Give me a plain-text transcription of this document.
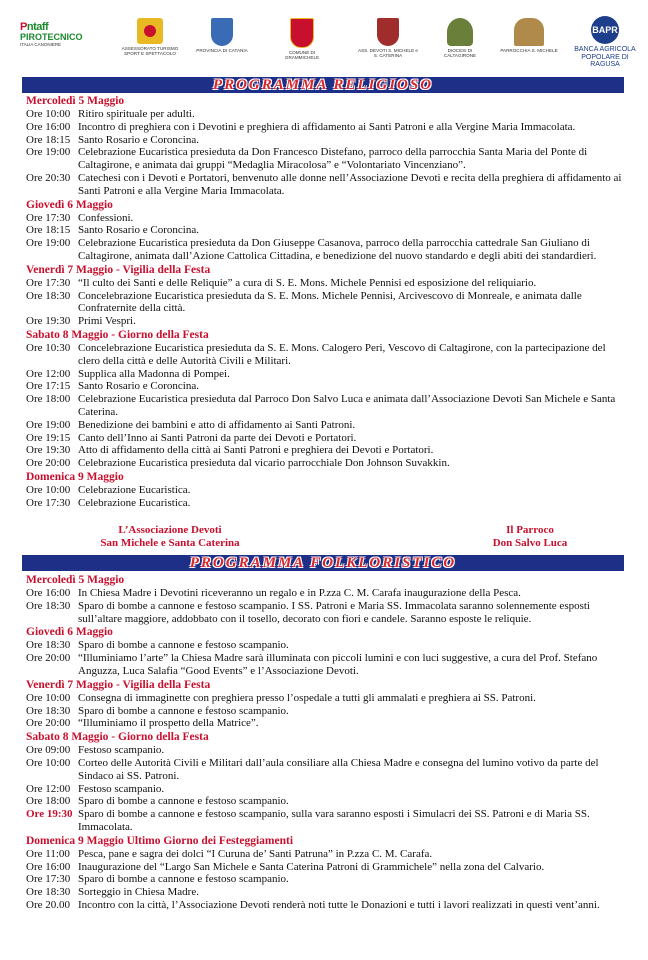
Pntaff
PIROTECNICO
ITALIA CANONIERE
ASSESSORATO TURISMO SPORT E SPETTACOLO
PROVINCIA DI CATANIA	COMUNE DI GRAMMICHELE
ASS. DEVOTI S. MICHELE e S. CATERINA
DIOCESI DI CALTAGIRONE
PARROCCHIA S. MICHELE
BAPR
BANCA AGRICOLA POPOLARE DI RAGUSA
PROGRAMMA RELIGIOSO
Mercoledì 5 Maggio
Ore 10:00 Ritiro spirituale per adulti.
Ore 16:00 Incontro di preghiera con i Devotini e preghiera di affidamento ai Santi Patroni e alla Vergine Maria Immacolata.
Ore 18:15 Santo Rosario e Coroncina.
Ore 19:00 Celebrazione Eucaristica presieduta da Don Francesco Distefano, parroco della parrocchia Santa Maria del Ponte di Caltagirone, e animata dai gruppi “Medaglia Miracolosa” e “Volontariato Vincenziano”.
Ore 20:30 Catechesi con i Devoti e Portatori, benvenuto alle donne nell’Associazione Devoti e recita della preghiera di affidamento ai Santi Patroni e alla Vergine Maria Immacolata.
Giovedì 6 Maggio
Ore 17:30 Confessioni.
Ore 18:15 Santo Rosario e Coroncina.
Ore 19:00 Celebrazione Eucaristica presieduta da Don Giuseppe Casanova, parroco della parrocchia cattedrale San Giuliano di Caltagirone, animata dall’Azione Cattolica Cittadina, e benedizione del nuovo standardo e degli abiti dei standardieri.
Venerdì 7 Maggio - Vigilia della Festa
Ore 17:30 “Il culto dei Santi e delle Reliquie” a cura di S. E. Mons. Michele Pennisi ed esposizione del reliquiario.
Ore 18:30 Concelebrazione Eucaristica presieduta da S. E. Mons. Michele Pennisi, Arcivescovo di Monreale, e animata dalle Confraternite della città.
Ore 19:30 Primi Vespri.
Sabato 8 Maggio - Giorno della Festa
Ore 10:30 Concelebrazione Eucaristica presieduta da S. E. Mons. Calogero Peri, Vescovo di Caltagirone, con la partecipazione del clero della città e delle Autorità Civili e Militari.
Ore 12:00 Supplica alla Madonna di Pompei.
Ore 17:15 Santo Rosario e Coroncina.
Ore 18:00 Celebrazione Eucaristica presieduta dal Parroco Don Salvo Luca e animata dall’Associazione Devoti San Michele e Santa Caterina.
Ore 19:00 Benedizione dei bambini e atto di affidamento ai Santi Patroni.
Ore 19:15 Canto dell’Inno ai Santi Patroni da parte dei Devoti e Portatori.
Ore 19:30 Atto di affidamento della città ai Santi Patroni e preghiera dei Devoti e Portatori.
Ore 20:00 Celebrazione Eucaristica presieduta dal vicario parrocchiale Don Johnson Suvakkin.
Domenica 9 Maggio
Ore 10:00 Celebrazione Eucaristica.
Ore 17:30 Celebrazione Eucaristica.
L’Associazione Devoti
San Michele e Santa Caterina
Il Parroco
Don Salvo Luca
PROGRAMMA FOLKLORISTICO
Mercoledì 5 Maggio
Ore 16:00 In Chiesa Madre i Devotini riceveranno un regalo e in P.zza C. M. Carafa inaugurazione della Pesca.
Ore 18:30 Sparo di bombe a cannone e festoso scampanio. I SS. Patroni e Maria SS. Immacolata saranno solennemente esposti sull’altare maggiore, addobbato con il tosello, decorato con fiori e candele. Saranno esposte le reliquie.
Giovedì 6 Maggio
Ore 18:30 Sparo di bombe a cannone e festoso scampanio.
Ore 20:00 “Illuminiamo l’arte” la Chiesa Madre sarà illuminata con piccoli lumini e con luci suggestive, a cura del Prof. Stefano Anguzza, Luca Salafia “Good Events” e l’Associazione Devoti.
Venerdì 7 Maggio - Vigilia della Festa
Ore 10:00 Consegna di immaginette con preghiera presso l’ospedale a tutti gli ammalati e preghiera ai SS. Patroni.
Ore 18:30 Sparo di bombe a cannone e festoso scampanio.
Ore 20:00 “Illuminiamo il prospetto della Matrice”.
Sabato 8 Maggio - Giorno della Festa
Ore 09:00 Festoso scampanio.
Ore 10:00 Corteo delle Autorità Civili e Militari dall’aula consiliare alla Chiesa Madre e consegna del lumino votivo da parte del Sindaco ai SS. Patroni.
Ore 12:00 Festoso scampanio.
Ore 18:00 Sparo di bombe a cannone e festoso scampanio.
Ore 19:30 Sparo di bombe a cannone e festoso scampanio, sulla vara saranno esposti i Simulacri dei SS. Patroni e di Maria SS. Immacolata.
Domenica 9 Maggio Ultimo Giorno dei Festeggiamenti
Ore 11:00 Pesca, pane e sagra dei dolci “I Curuna de’ Santi Patruna” in P.zza C. M. Carafa.
Ore 16:00 Inaugurazione del “Largo San Michele e Santa Caterina Patroni di Grammichele” nella zona del Calvario.
Ore 17:30 Sparo di bombe a cannone e festoso scampanio.
Ore 18:30 Sorteggio in Chiesa Madre.
Ore 20.00 Incontro con la città, l’Associazione Devoti renderà noti tutte le Donazioni e tutti i lavori realizzati in questi vent’anni.
